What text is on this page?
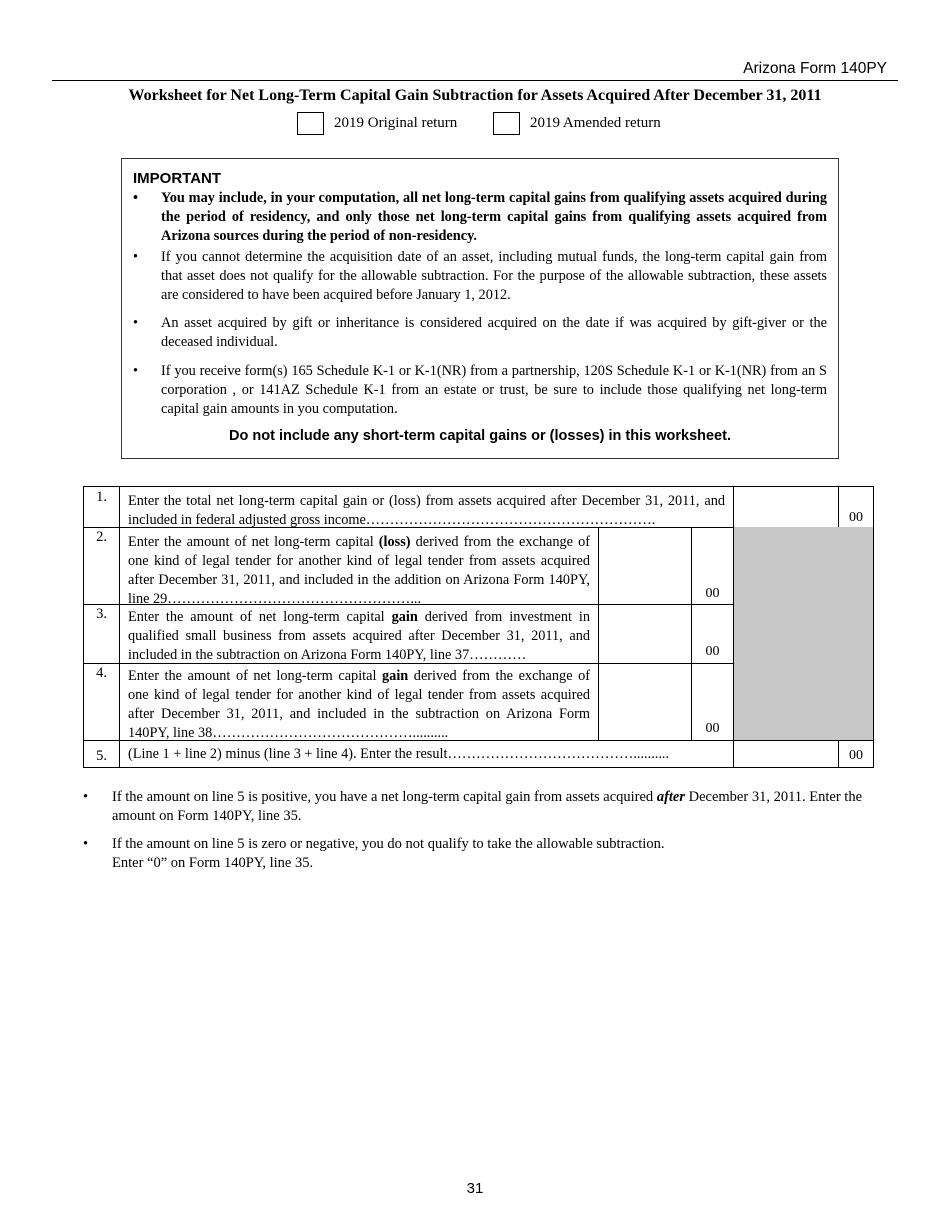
Arizona Form 140PY
Worksheet for Net Long-Term Capital Gain Subtraction for Assets Acquired After December 31, 2011
2019 Original return	2019 Amended return
IMPORTANT
• You may include, in your computation, all net long-term capital gains from qualifying assets acquired during the period of residency, and only those net long-term capital gains from qualifying assets acquired from Arizona sources during the period of non-residency.
• If you cannot determine the acquisition date of an asset, including mutual funds, the long-term capital gain from that asset does not qualify for the allowable subtraction. For the purpose of the allowable subtraction, these assets are considered to have been acquired before January 1, 2012.
• An asset acquired by gift or inheritance is considered acquired on the date if was acquired by gift-giver or the deceased individual.
• If you receive form(s) 165 Schedule K-1 or K-1(NR) from a partnership, 120S Schedule K-1 or K-1(NR) from an S corporation , or 141AZ Schedule K-1 from an estate or trust, be sure to include those qualifying net long-term capital gain amounts in you computation.
Do not include any short-term capital gains or (losses) in this worksheet.
1.	Enter the total net long-term capital gain or (loss) from assets acquired after December 31, 2011, and included in federal adjusted gross income…………………………………………………….	00
2.	Enter the amount of net long-term capital (loss) derived from the exchange of one kind of legal tender for another kind of legal tender from assets acquired after December 31, 2011, and included in the addition on Arizona Form 140PY, line 29……………………………………………...	00
3.	Enter the amount of net long-term capital gain derived from investment in qualified small business from assets acquired after December 31, 2011, and included in the subtraction on Arizona Form 140PY, line 37…………	00
4.	Enter the amount of net long-term capital gain derived from the exchange of one kind of legal tender for another kind of legal tender from assets acquired after December 31, 2011, and included in the subtraction on Arizona Form 140PY, line 38……………………………………..........	00
5.	(Line 1 + line 2) minus (line 3 + line 4). Enter the result…………………………………..........	00
• If the amount on line 5 is positive, you have a net long-term capital gain from assets acquired after December 31, 2011. Enter the amount on Form 140PY, line 35.
• If the amount on line 5 is zero or negative, you do not qualify to take the allowable subtraction.
Enter “0” on Form 140PY, line 35.
31
